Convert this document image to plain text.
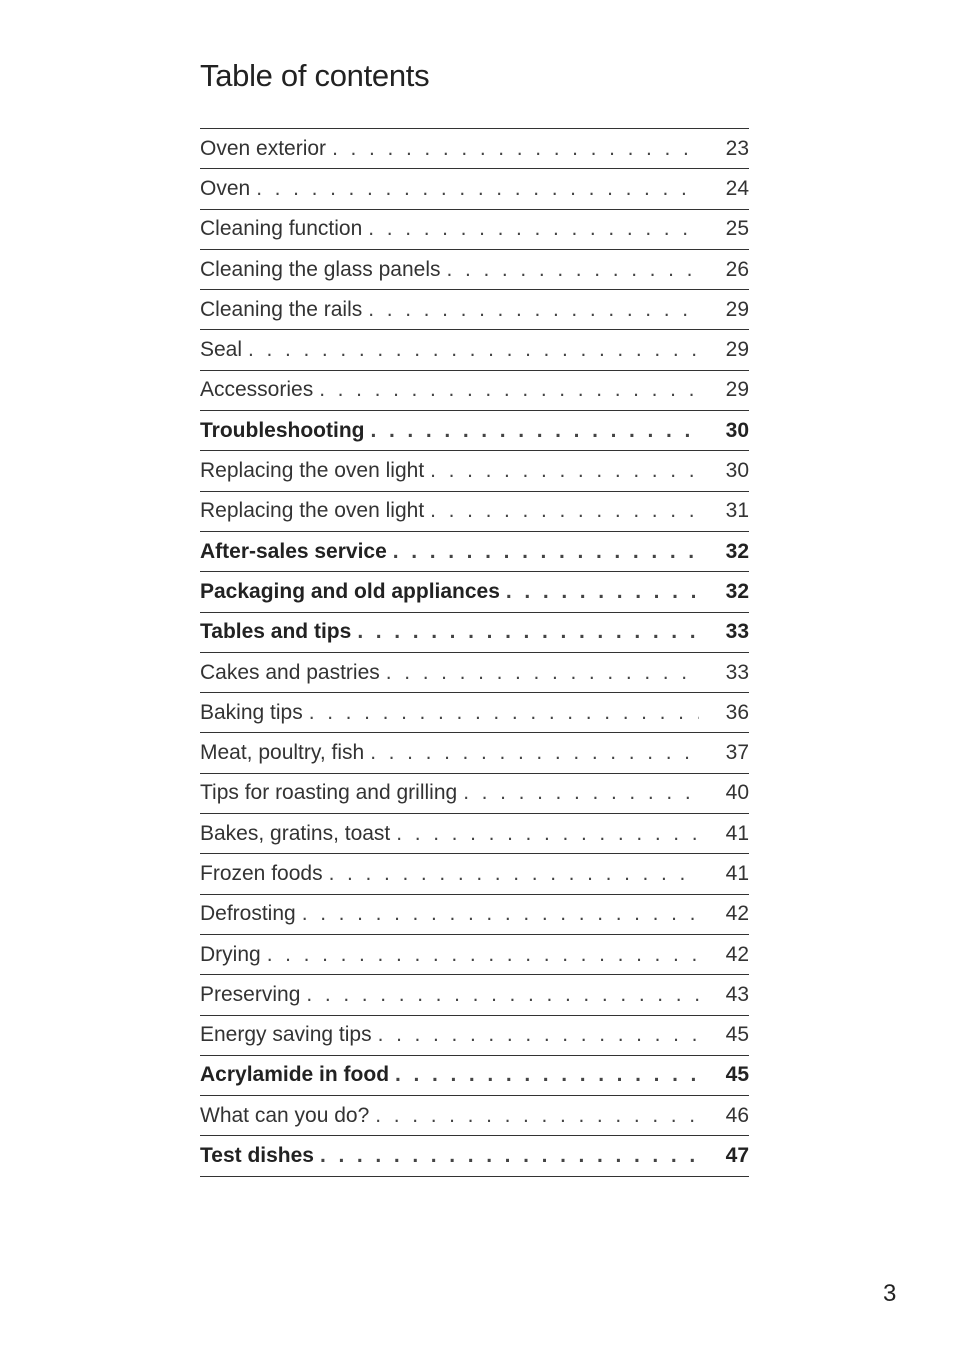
Table of contents
Oven exterior . . .	23
Oven . . .	24
Cleaning function . . .	25
Cleaning the glass panels . . .	26
Cleaning the rails . . .	29
Seal . . .	29
Accessories . . .	29
Troubleshooting . . .	30
Replacing the oven light . . .	30
Replacing the oven light . . .	31
After-sales service . . .	32
Packaging and old appliances . . .	32
Tables and tips . . .	33
Cakes and pastries . . .	33
Baking tips . . .	36
Meat, poultry, fish . . .	37
Tips for roasting and grilling . . .	40
Bakes, gratins, toast . . .	41
Frozen foods . . .	41
Defrosting . . .	42
Drying . . .	42
Preserving . . .	43
Energy saving tips . . .	45
Acrylamide in food . . .	45
What can you do? . . .	46
Test dishes . . .	47
3
